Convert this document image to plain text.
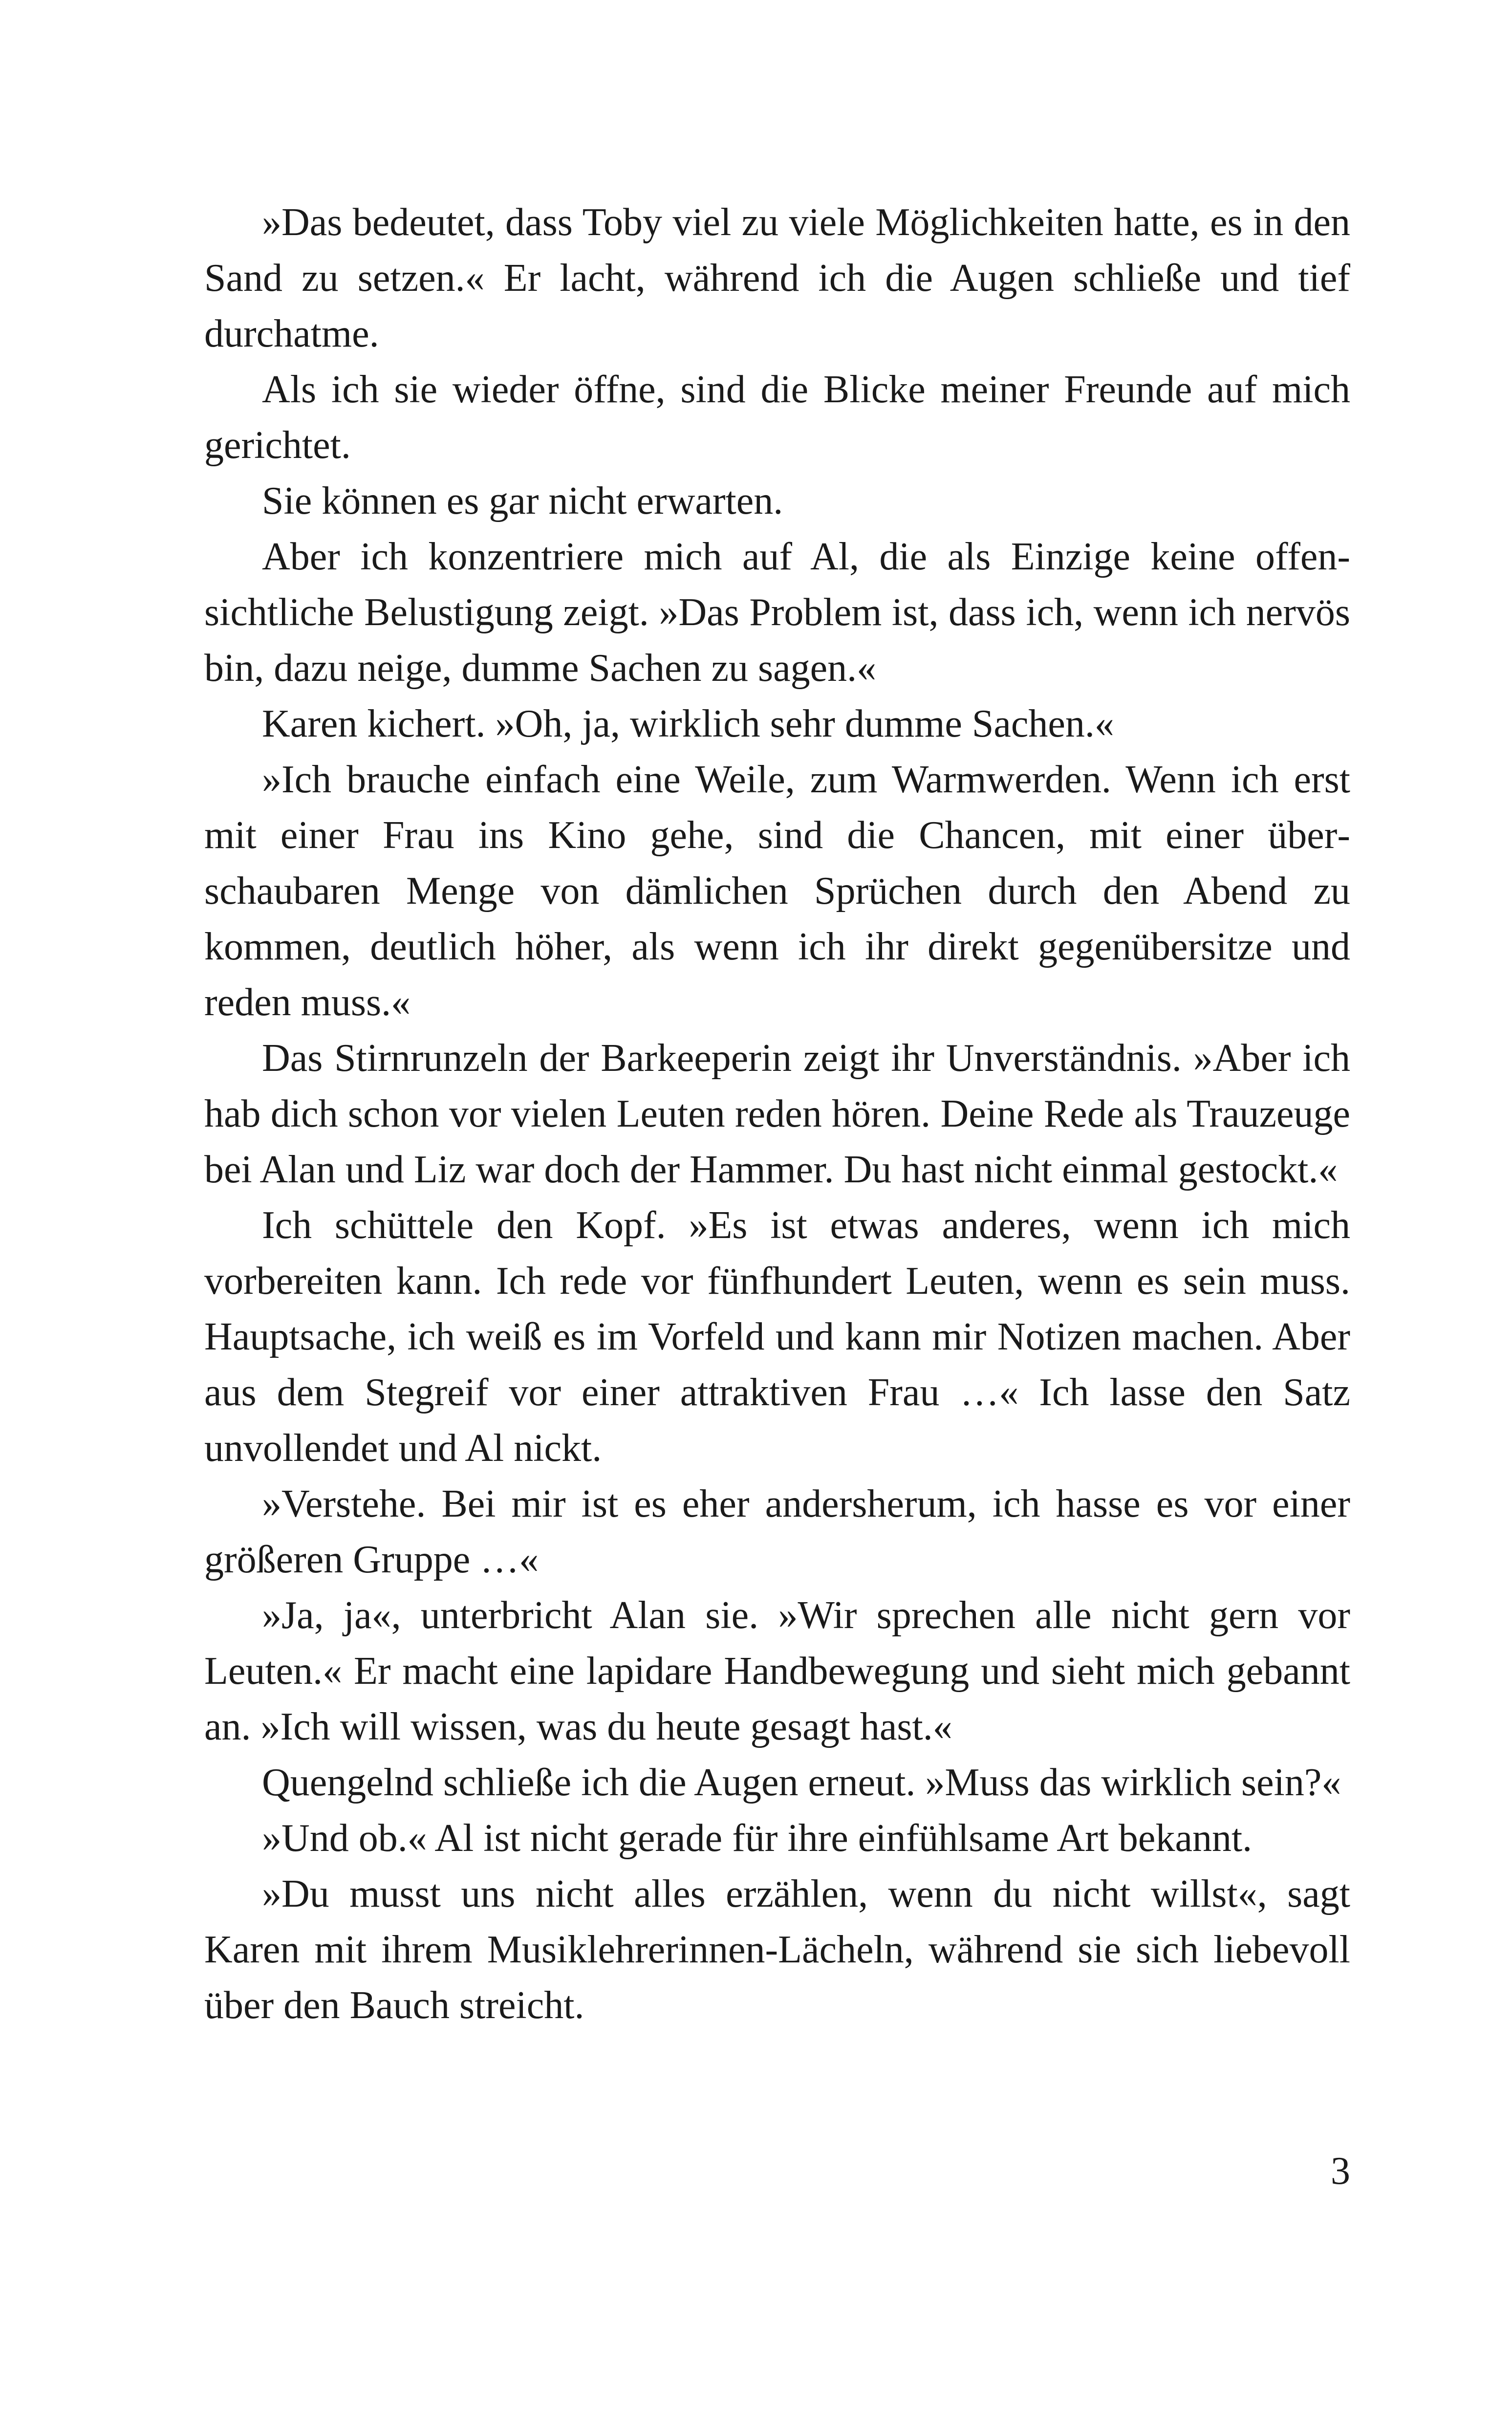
»Das bedeutet, dass Toby viel zu viele Möglichkeiten hatte, es in den Sand zu setzen.« Er lacht, während ich die Augen schließe und tief durchatme.

Als ich sie wieder öffne, sind die Blicke meiner Freunde auf mich gerichtet.

Sie können es gar nicht erwarten.

Aber ich konzentriere mich auf Al, die als Einzige keine offensichtliche Belustigung zeigt. »Das Problem ist, dass ich, wenn ich nervös bin, dazu neige, dumme Sachen zu sagen.«

Karen kichert. »Oh, ja, wirklich sehr dumme Sachen.«

»Ich brauche einfach eine Weile, zum Warmwerden. Wenn ich erst mit einer Frau ins Kino gehe, sind die Chancen, mit einer überschaubaren Menge von dämlichen Sprüchen durch den Abend zu kommen, deutlich höher, als wenn ich ihr direkt gegenübersitze und reden muss.«

Das Stirnrunzeln der Barkeeperin zeigt ihr Unverständnis. »Aber ich hab dich schon vor vielen Leuten reden hören. Deine Rede als Trauzeuge bei Alan und Liz war doch der Hammer. Du hast nicht einmal gestockt.«

Ich schüttele den Kopf. »Es ist etwas anderes, wenn ich mich vorbereiten kann. Ich rede vor fünfhundert Leuten, wenn es sein muss. Hauptsache, ich weiß es im Vorfeld und kann mir Notizen machen. Aber aus dem Stegreif vor einer attraktiven Frau …« Ich lasse den Satz unvollendet und Al nickt.

»Verstehe. Bei mir ist es eher andersherum, ich hasse es vor einer größeren Gruppe …«

»Ja, ja«, unterbricht Alan sie. »Wir sprechen alle nicht gern vor Leuten.« Er macht eine lapidare Handbewegung und sieht mich gebannt an. »Ich will wissen, was du heute gesagt hast.«

Quengelnd schließe ich die Augen erneut. »Muss das wirklich sein?«

»Und ob.« Al ist nicht gerade für ihre einfühlsame Art bekannt.

»Du musst uns nicht alles erzählen, wenn du nicht willst«, sagt Karen mit ihrem Musiklehrerinnen-Lächeln, während sie sich liebevoll über den Bauch streicht.

3
